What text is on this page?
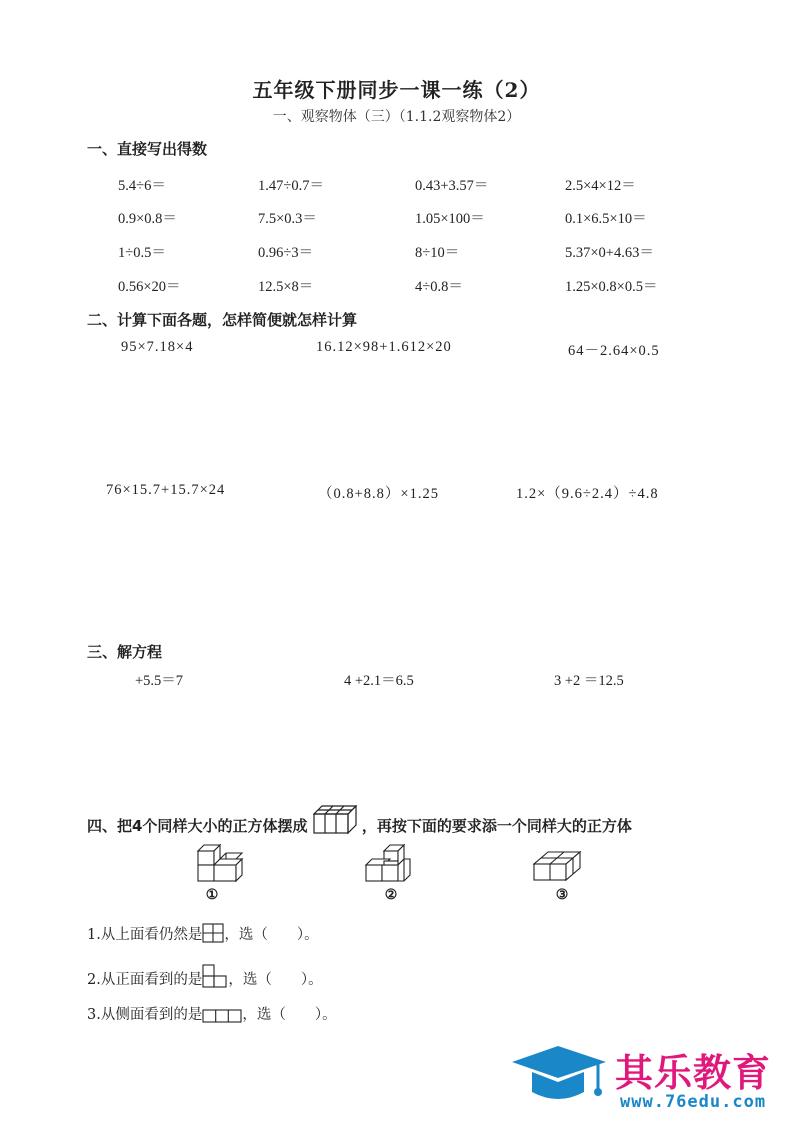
五年级下册同步一课一练（2）
一、观察物体（三）（1.1.2观察物体2）
一、直接写出得数
5.4÷6＝	1.47÷0.7＝	0.43+3.57＝	2.5×4×12＝
0.9×0.8＝	7.5×0.3＝	1.05×100＝	0.1×6.5×10＝
1÷0.5＝	0.96÷3＝	8÷10＝	5.37×0+4.63＝
0.56×20＝	12.5×8＝	4÷0.8＝	1.25×0.8×0.5＝
二、计算下面各题，怎样简便就怎样计算
95×7.18×4	16.12×98+1.612×20	64－2.64×0.5
76×15.7+15.7×24	（0.8+8.8）×1.25	1.2×（9.6÷2.4）÷4.8
三、解方程
+5.5＝7	4 +2.1＝6.5	3 +2 ＝12.5
四、把4个同样大小的正方体摆成	，再按下面的要求添一个同样大的正方体
①	②	③
1.从上面看仍然是 ，选（　　）。
2.从正面看到的是 ，选（　　）。
3.从侧面看到的是	，选（　　）。
其乐教育
www.76edu.com
